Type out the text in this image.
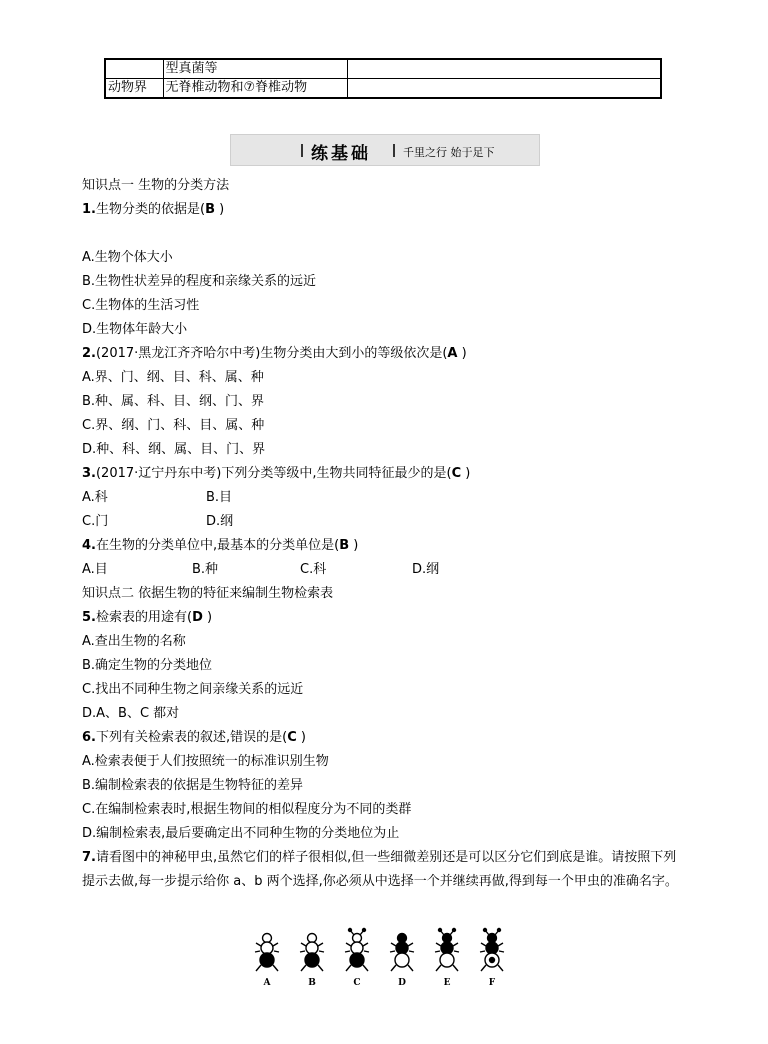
	型真菌等	
动物界	无脊椎动物和⑦脊椎动物	
练基础	千里之行 始于足下
知识点一 生物的分类方法
1.生物分类的依据是(B )
A.生物个体大小
B.生物性状差异的程度和亲缘关系的远近
C.生物体的生活习性
D.生物体年龄大小
2.(2017·黑龙江齐齐哈尔中考)生物分类由大到小的等级依次是(A )
A.界、门、纲、目、科、属、种
B.种、属、科、目、纲、门、界
C.界、纲、门、科、目、属、种
D.种、科、纲、属、目、门、界
3.(2017·辽宁丹东中考)下列分类等级中,生物共同特征最少的是(C )
A.科	B.目
C.门	D.纲
4.在生物的分类单位中,最基本的分类单位是(B )
A.目	B.种	C.科	D.纲
知识点二 依据生物的特征来编制生物检索表
5.检索表的用途有(D )
A.查出生物的名称
B.确定生物的分类地位
C.找出不同种生物之间亲缘关系的远近
D.A、B、C 都对
6.下列有关检索表的叙述,错误的是(C )
A.检索表便于人们按照统一的标准识别生物
B.编制检索表的依据是生物特征的差异
C.在编制检索表时,根据生物间的相似程度分为不同的类群
D.编制检索表,最后要确定出不同种生物的分类地位为止
7.请看图中的神秘甲虫,虽然它们的样子很相似,但一些细微差别还是可以区分它们到底是谁。请按照下列提示去做,每一步提示给你 a、b 两个选择,你必须从中选择一个并继续再做,得到每一个甲虫的准确名字。
A	B	C	D	E	F
